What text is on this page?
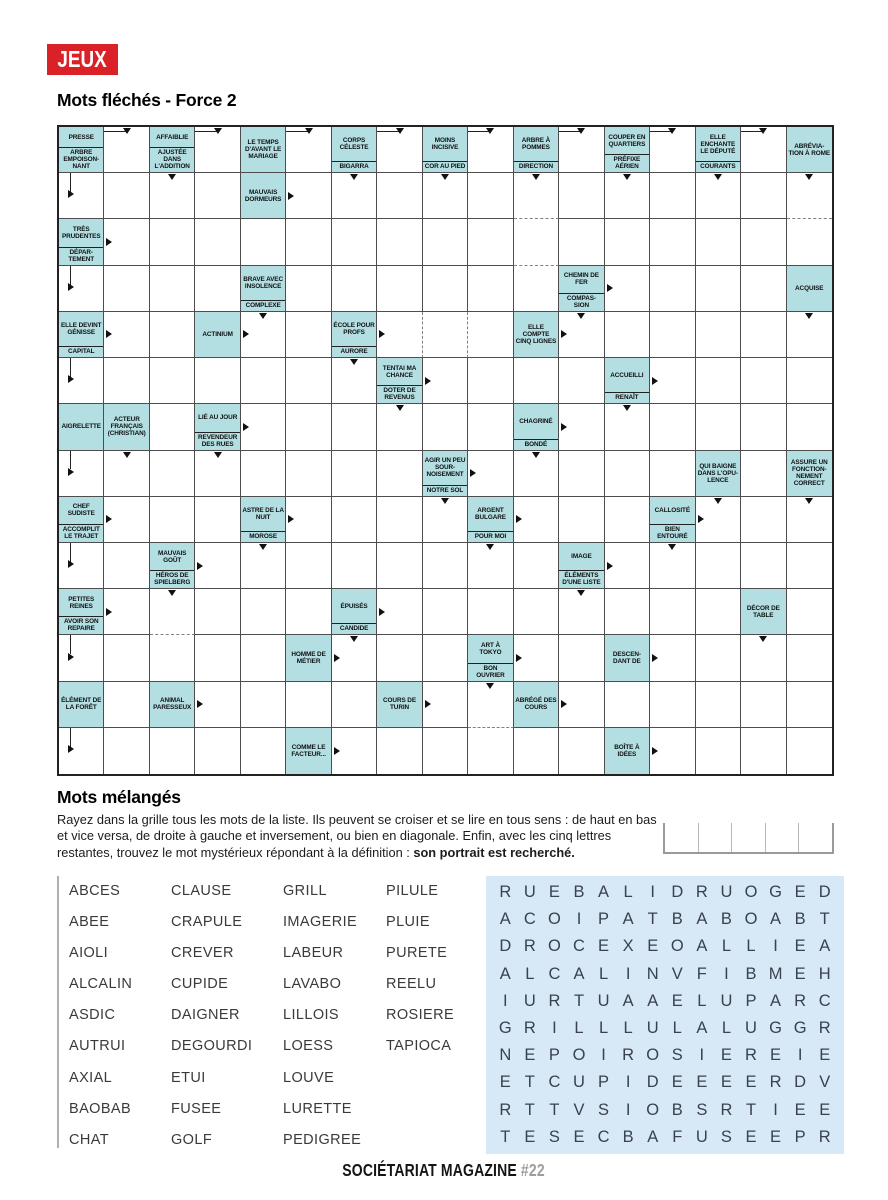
JEUX
Mots fléchés - Force 2
PRESSE
ARBRE EMPOISON- NANT
AFFAIBLIE
AJUSTÉE DANS L'ADDITION
LE TEMPS D'AVANT LE MARIAGE
CORPS CÉLESTE
BIGARRA
MOINS INCISIVE
COR AU PIED
ARBRE À POMMES
DIRECTION
COUPER EN QUARTIERS
PRÉFIXE AÉRIEN
ELLE ENCHANTE LE DÉPUTÉ
COURANTS
ABRÉVIA- TION À ROME
MAUVAIS DORMEURS
TRÈS PRUDENTES
DÉPAR- TEMENT
BRAVE AVEC INSOLENCE
COMPLEXE
CHEMIN DE FER
COMPAS- SION
ACQUISE
ELLE DEVINT GÉNISSE
CAPITAL
ACTINIUM
ÉCOLE POUR PROFS
AURORE
ELLE COMPTE CINQ LIGNES
TENTAI MA CHANCE
DOTER DE REVENUS
ACCUEILLI
RENAÎT
AIGRELETTE
ACTEUR FRANÇAIS (CHRISTIAN)
LIÉ AU JOUR
REVENDEUR DES RUES
CHAGRINÉ
BONDÉ
AGIR UN PEU SOUR- NOISEMENT
NOTRE SOL
QUI BAIGNE DANS L'OPU- LENCE
ASSURE UN FONCTION- NEMENT CORRECT
CHEF SUDISTE
ACCOMPLIT LE TRAJET
ASTRE DE LA NUIT
MOROSE
ARGENT BULGARE
POUR MOI
CALLOSITÉ
BIEN ENTOURÉ
MAUVAIS GOÛT
HÉROS DE SPIELBERG
IMAGE
ÉLÉMENTS D'UNE LISTE
PETITES REINES
AVOIR SON REPAIRE
ÉPUISÉS
CANDIDE
DÉCOR DE TABLE
HOMME DE MÉTIER
ART À TOKYO
BON OUVRIER
DESCEN- DANT DE
ÉLÉMENT DE LA FORÊT
ANIMAL PARESSEUX
COURS DE TURIN
ABRÉGÉ DES COURS
COMME LE FACTEUR...
BOÎTE À IDÉES
Mots mélangés
Rayez dans la grille tous les mots de la liste. Ils peuvent se croiser et se lire en tous sens : de haut en bas et vice versa, de droite à gauche et inversement, ou bien en diagonale. Enfin, avec les cinq lettres restantes, trouvez le mot mystérieux répondant à la définition : son portrait est recherché.
ABCES
ABEE
AIOLI
ALCALIN
ASDIC
AUTRUI
AXIAL
BAOBAB
CHAT
CLAUSE
CRAPULE
CREVER
CUPIDE
DAIGNER
DEGOURDI
ETUI
FUSEE
GOLF
GRILL
IMAGERIE
LABEUR
LAVABO
LILLOIS
LOESS
LOUVE
LURETTE
PEDIGREE
PILULE
PLUIE
PURETE
REELU
ROSIERE
TAPIOCA
R U E B A L	I D R U O G E D
A C O I	P A T B A B O A B T
D R O C E X E O A L L	I	E A
A L C A L	I N V F	I	B M E H
I U R T U A A E L U P A R C
G R I	L L L U L A L U G G R
N E P O I R O S	I	E R E	I	E
E T C U P	I D E E E E R D V
R T T V S	I O B S R T	I	E E
T E S E C B A F U S E E P R
SOCIÉTARIAT MAGAZINE #22
